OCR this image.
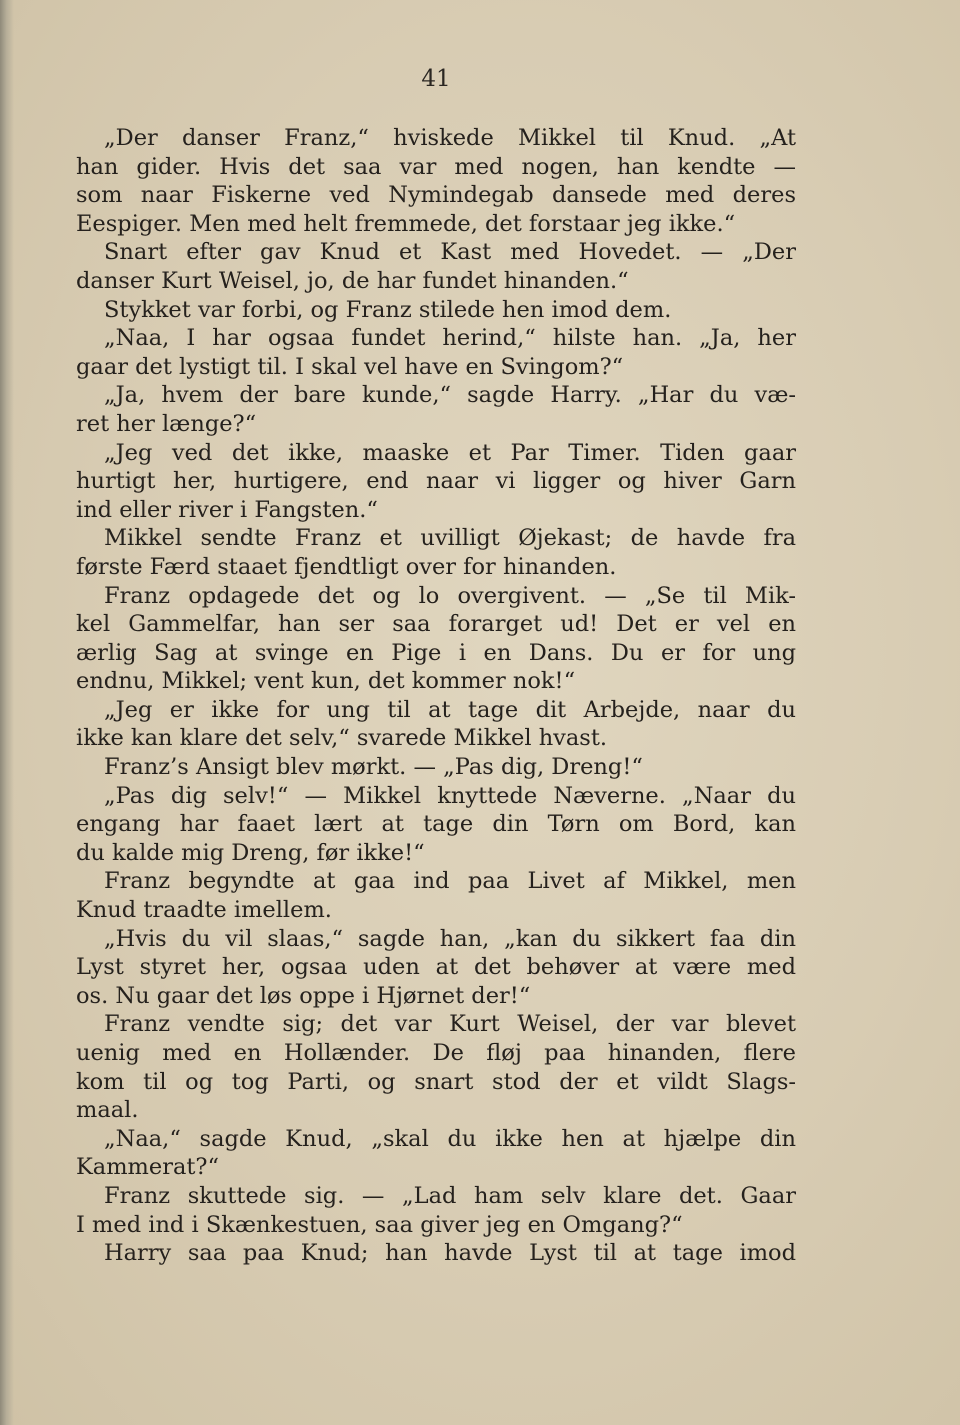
41
„Der danser Franz,“ hviskede Mikkel til Knud. „At
han gider. Hvis det saa var med nogen, han kendte —
som naar Fiskerne ved Nymindegab dansede med deres
Eespiger. Men med helt fremmede, det forstaar jeg ikke.“
Snart efter gav Knud et Kast med Hovedet. — „Der
danser Kurt Weisel, jo, de har fundet hinanden.“
Stykket var forbi, og Franz stilede hen imod dem.
„Naa, I har ogsaa fundet herind,“ hilste han. „Ja, her
gaar det lystigt til. I skal vel have en Svingom?“
„Ja, hvem der bare kunde,“ sagde Harry. „Har du væ-
ret her længe?“
„Jeg ved det ikke, maaske et Par Timer. Tiden gaar
hurtigt her, hurtigere, end naar vi ligger og hiver Garn
ind eller river i Fangsten.“
Mikkel sendte Franz et uvilligt Øjekast; de havde fra
første Færd staaet fjendtligt over for hinanden.
Franz opdagede det og lo overgivent. — „Se til Mik-
kel Gammelfar, han ser saa forarget ud! Det er vel en
ærlig Sag at svinge en Pige i en Dans. Du er for ung
endnu, Mikkel; vent kun, det kommer nok!“
„Jeg er ikke for ung til at tage dit Arbejde, naar du
ikke kan klare det selv,“ svarede Mikkel hvast.
Franz’s Ansigt blev mørkt. — „Pas dig, Dreng!“
„Pas dig selv!“ — Mikkel knyttede Næverne. „Naar du
engang har faaet lært at tage din Tørn om Bord, kan
du kalde mig Dreng, før ikke!“
Franz begyndte at gaa ind paa Livet af Mikkel, men
Knud traadte imellem.
„Hvis du vil slaas,“ sagde han, „kan du sikkert faa din
Lyst styret her, ogsaa uden at det behøver at være med
os. Nu gaar det løs oppe i Hjørnet der!“
Franz vendte sig; det var Kurt Weisel, der var blevet
uenig med en Hollænder. De fløj paa hinanden, flere
kom til og tog Parti, og snart stod der et vildt Slags-
maal.
„Naa,“ sagde Knud, „skal du ikke hen at hjælpe din
Kammerat?“
Franz skuttede sig. — „Lad ham selv klare det. Gaar
I med ind i Skænkestuen, saa giver jeg en Omgang?“
Harry saa paa Knud; han havde Lyst til at tage imod
